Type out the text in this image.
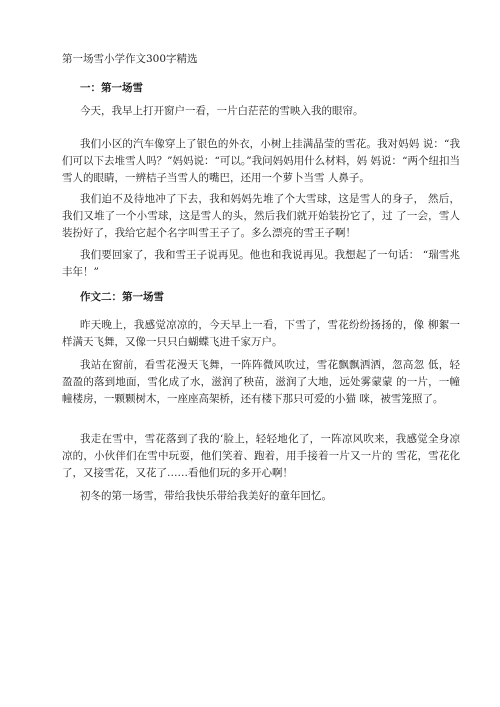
第一场雪小学作文300字精选
一：第一场雪

今天，我早上打开窗户一看，一片白茫茫的雪映入我的眼帘。

我们小区的汽车像穿上了银色的外衣，小树上挂满晶莹的雪花。我对妈妈 说：“我们可以下去堆雪人吗？”妈妈说：“可以。”我问妈妈用什么材料，妈 妈说：“两个纽扣当雪人的眼睛，一辨桔子当雪人的嘴巴，还用一个萝卜当雪 人鼻子。

我们迫不及待地冲了下去，我和妈妈先堆了个大雪球，这是雪人的身子， 然后，我们又堆了一个小雪球，这是雪人的头，然后我们就开始装扮它了，过 了一会，雪人装扮好了，我给它起个名字叫雪王子了。多么漂亮的雪王子啊！

我们要回家了，我和雪王子说再见。他也和我说再见。我想起了一句话： “瑞雪兆丰年！”

作文二：第一场雪

昨天晚上，我感觉凉凉的，今天早上一看，下雪了，雪花纷纷扬扬的，像 柳絮一样满天飞舞，又像一只只白蝴蝶飞进千家万户。

我站在窗前，看雪花漫天飞舞，一阵阵微风吹过，雪花飘飘洒洒，忽高忽 低，轻盈盈的落到地面，雪化成了水，滋润了秧苗，滋润了大地，远处雾蒙蒙 的一片，一幢幢楼房，一颗颗树木，一座座高架桥，还有楼下那只可爱的小猫 咪，被雪笼照了。

我走在雪中，雪花落到了我的‘脸上，轻轻地化了，一阵凉风吹来，我感觉全身凉凉的，小伙伴们在雪中玩耍，他们笑着、跑着，用手接着一片又一片的 雪花，雪花化了，又接雪花，又花了……看他们玩的多开心啊！

初冬的第一场雪，带给我快乐带给我美好的童年回忆。
